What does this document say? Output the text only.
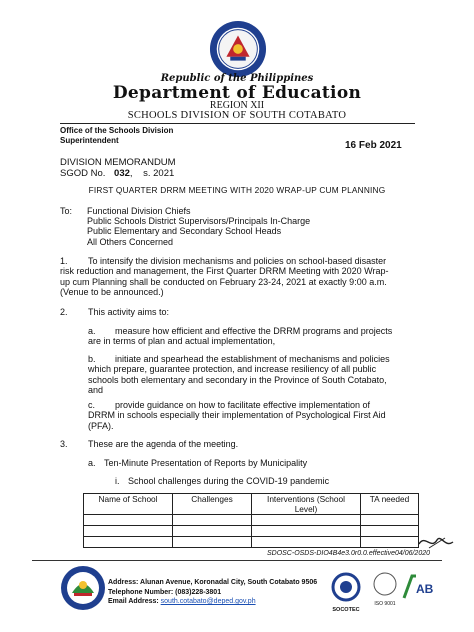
Republic of the Philippines
Department of Education
REGION XII
SCHOOLS DIVISION OF SOUTH COTABATO
Office of the Schools Division
Superintendent	16 Feb 2021
DIVISION MEMORANDUM
SGOD No. 032,    s. 2021
FIRST QUARTER DRRM MEETING WITH 2020 WRAP-UP CUM PLANNING
To: Functional Division Chiefs
Public Schools District Supervisors/Principals In-Charge
Public Elementary and Secondary School Heads
All Others Concerned
1.	To intensify the division mechanisms and policies on school-based disaster
risk reduction and management, the First Quarter DRRM Meeting with 2020 Wrap-
up cum Planning shall be conducted on February 23-24, 2021 at exactly 9:00 a.m.
(Venue to be announced.)
2. This activity aims to:
a.	measure how efficient and effective the DRRM programs and projects
are in terms of plan and actual implementation,
b.	initiate and spearhead the establishment of mechanisms and policies
which prepare, guarantee protection, and increase resiliency of all public
schools both elementary and secondary in the Province of South Cotabato,
and
c.	provide guidance on how to facilitate effective implementation of
DRRM in schools especially their implementation of Psychological First Aid
(PFA).
3. These are the agenda of the meeting.
a. Ten-Minute Presentation of Reports by Municipality
i. School challenges during the COVID-19 pandemic
Name of School	Challenges	Interventions (School
Level)	TA needed

SDOSC-OSDS-DIO4B4e3.0r0.0.effective04/06/2020
Address: Alunan Avenue, Koronadal City, South Cotabato 9506
Telephone Number: (083)228-3801
Email Address: south.cotabato@deped.gov.ph
SOCOTEC
ISO 9001
AB
